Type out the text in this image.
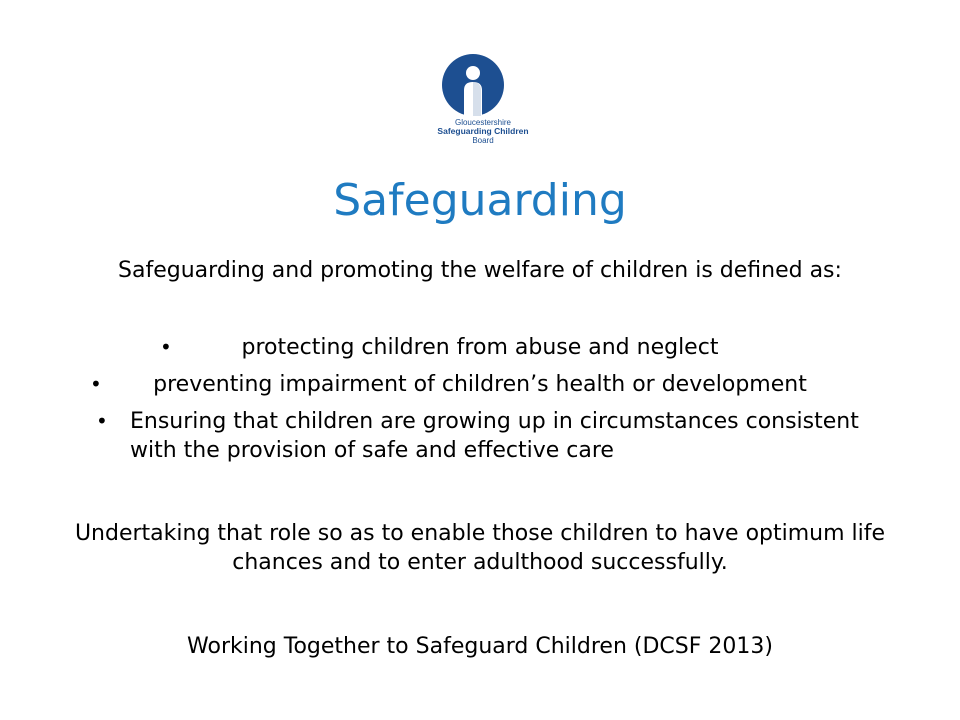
Gloucestershire
Safeguarding Children
Board
Safeguarding

Safeguarding and promoting the welfare of children is defined as:

•	protecting children from abuse and neglect
• preventing impairment of children’s health or development
• Ensuring that children are growing up in circumstances consistent with the provision of safe and effective care

Undertaking that role so as to enable those children to have optimum life chances and to enter adulthood successfully.

Working Together to Safeguard Children (DCSF 2013)
